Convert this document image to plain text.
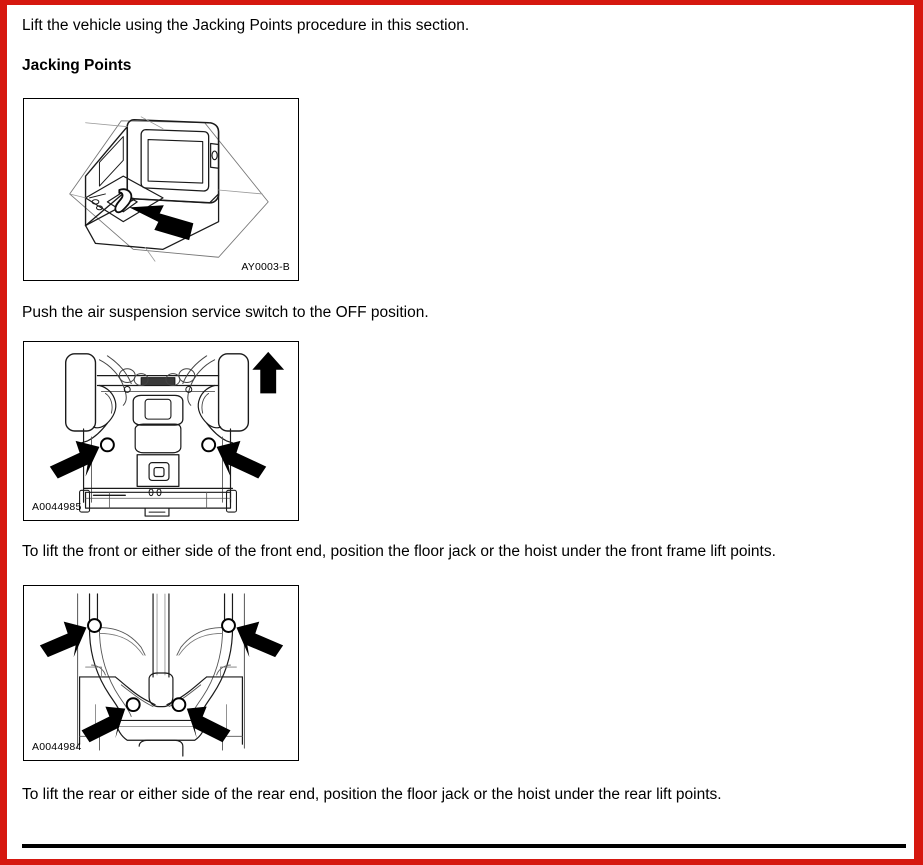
Lift the vehicle using the Jacking Points procedure in this section.
Jacking Points
AY0003-B
Push the air suspension service switch to the OFF position.
A0044985
To lift the front or either side of the front end, position the floor jack or the hoist under the front frame lift points.
A0044984
To lift the rear or either side of the rear end, position the floor jack or the hoist under the rear lift points.
